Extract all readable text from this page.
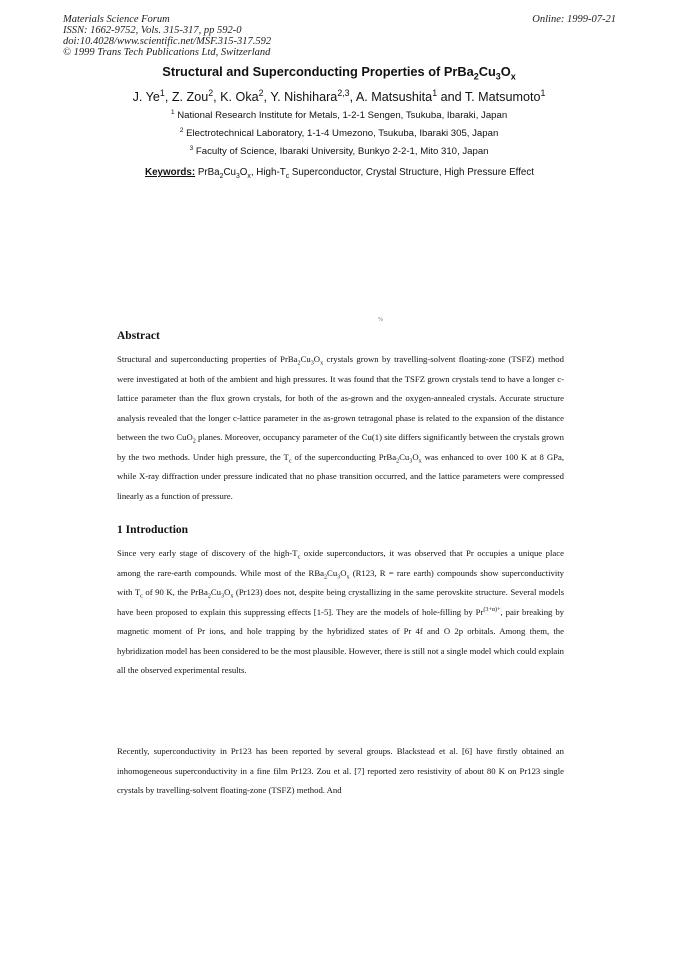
Materials Science Forum
ISSN: 1662-9752, Vols. 315-317, pp 592-0
doi:10.4028/www.scientific.net/MSF.315-317.592
© 1999 Trans Tech Publications Ltd, Switzerland
Online: 1999-07-21
Structural and Superconducting Properties of $PrBa_2Cu_3O_x$
J. Ye$^1$, Z. Zou$^2$, K. Oka$^2$, Y. Nishihara$^{2,3}$, A. Matsushita$^1$ and T. Matsumoto$^1$
$^1$ National Research Institute for Metals, 1-2-1 Sengen, Tsukuba, Ibaraki, Japan
$^2$ Electrotechnical Laboratory, 1-1-4 Umezono, Tsukuba, Ibaraki 305, Japan
$^3$ Faculty of Science, Ibaraki University, Bunkyo 2-2-1, Mito 310, Japan
Keywords: $PrBa_2Cu_3O_x$, High-$T_c$ Superconductor, Crystal Structure, High Pressure Effect
%
Abstract
Structural and superconducting properties of $PrBa_2Cu_3O_x$ crystals grown by travelling-solvent floating-zone (TSFZ) method were investigated at both of the ambient and high pressures. It was found that the TSFZ grown crystals tend to have a longer c-lattice parameter than the flux grown crystals, for both of the as-grown and the oxygen-annealed crystals. Accurate structure analysis revealed that the longer c-lattice parameter in the as-grown tetragonal phase is related to the expansion of the distance between the two CuO$_2$ planes. Moreover, occupancy parameter of the Cu(1) site differs significantly between the crystals grown by the two methods. Under high pressure, the $T_c$ of the superconducting $PrBa_2Cu_3O_x$ was enhanced to over 100 K at 8 GPa, while X-ray diffraction under pressure indicated that no phase transition occurred, and the lattice parameters were compressed linearly as a function of pressure.
1 Introduction
Since very early stage of discovery of the high-$T_c$ oxide superconductors, it was observed that Pr occupies a unique place among the rare-earth compounds. While most of the $RBa_2Cu_3O_x$ (R123, R = rare earth) compounds show superconductivity with $T_c$ of 90 K, the $PrBa_2Cu_3O_x$ (Pr123) does not, despite being crystallizing in the same perovskite structure. Several models have been proposed to explain this suppressing effects [1-5]. They are the models of hole-filling by $Pr^{(3+\alpha)+}$, pair breaking by magnetic moment of Pr ions, and hole trapping by the hybridized states of Pr 4f and O 2p orbitals. Among them, the hybridization model has been considered to be the most plausible. However, there is still not a single model which could explain all the observed experimental results.
Recently, superconductivity in Pr123 has been reported by several groups. Blackstead et al. [6] have firstly obtained an inhomogeneous superconductivity in a fine film Pr123. Zou et al. [7] reported zero resistivity of about 80 K on Pr123 single crystals by travelling-solvent floating-zone (TSFZ) method. And
